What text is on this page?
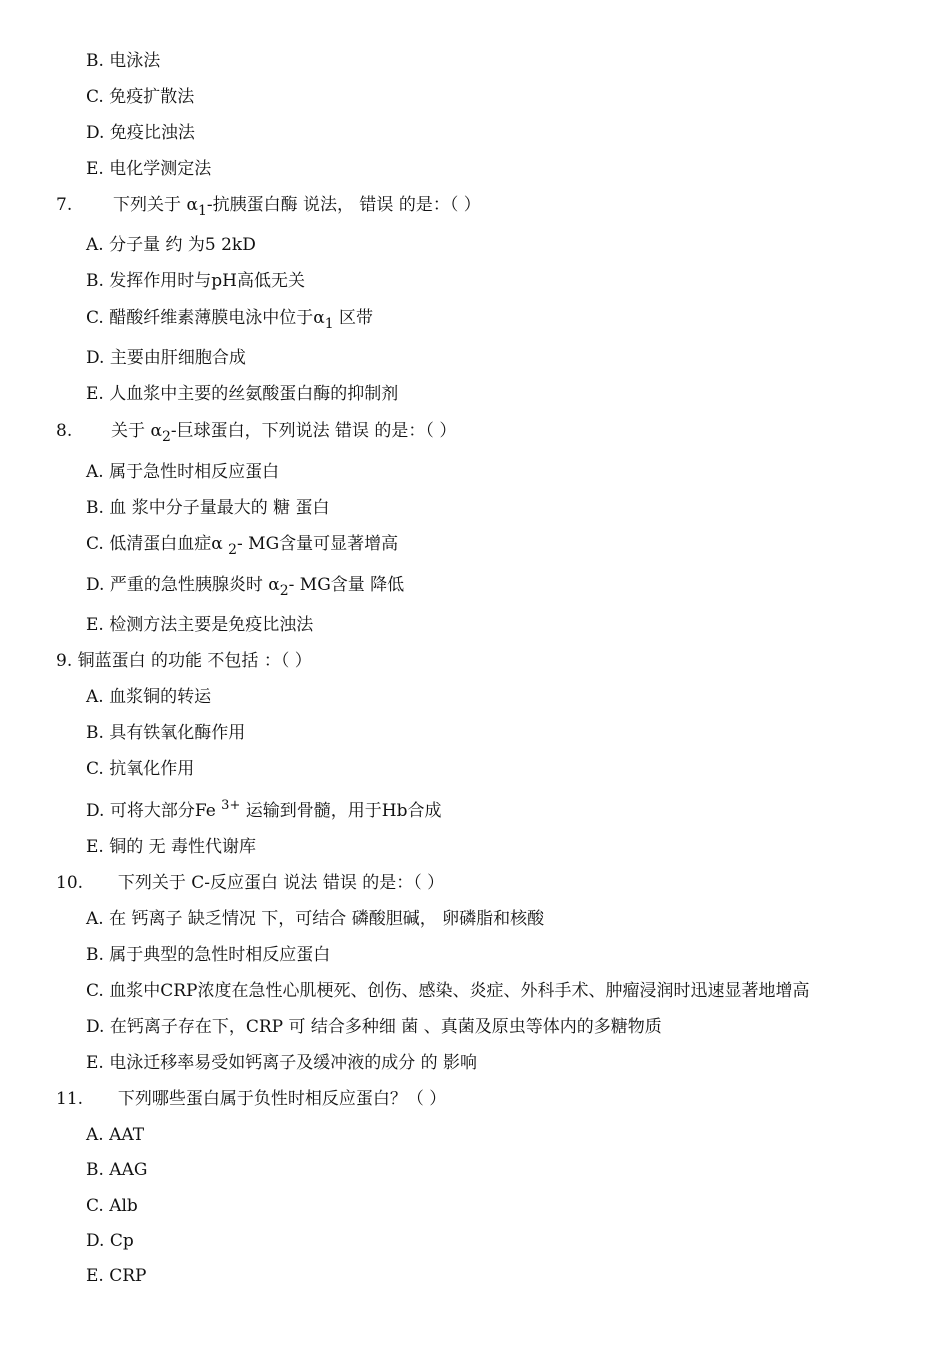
B. 电泳法
C. 免疫扩散法
D. 免疫比浊法
E. 电化学测定法
7. 下列关于 $\alpha_1-$抗胰蛋白酶 说法， 错误 的是：（ ）
A. 分子量 约 为5 2kD
B. 发挥作用时与pH高低无关
C. 醋酸纤维素薄膜电泳中位于$\alpha_1$ 区带
D. 主要由肝细胞合成
E. 人血浆中主要的丝氨酸蛋白酶的抑制剂
8. 关于 $\alpha_2-$巨球蛋白，下列说法 错误 的是：（ ）
A. 属于急性时相反应蛋白
B. 血 浆中分子量最大的 糖 蛋白
C. 低清蛋白血症α $_2$- MG含量可显著增高
D. 严重的急性胰腺炎时 $\alpha_2-$ MG含量 降低
E. 检测方法主要是免疫比浊法
9. 铜蓝蛋白 的功能 不包括 ：（ ）
A. 血浆铜的转运
B. 具有铁氧化酶作用
C. 抗氧化作用
D. 可将大部分Fe $^{3+}$ 运输到骨髓，用于Hb合成
E. 铜的 无 毒性代谢库
10. 下列关于 C-反应蛋白 说法 错误 的是：（ ）
A. 在 钙离子 缺乏情况 下，可结合 磷酸胆碱， 卵磷脂和核酸
B. 属于典型的急性时相反应蛋白
C. 血浆中CRP浓度在急性心肌梗死、创伤、感染、炎症、外科手术、肿瘤浸润时迅速显著地增高
D. 在钙离子存在下，CRP 可 结合多种细 菌 、真菌及原虫等体内的多糖物质
E. 电泳迁移率易受如钙离子及缓冲液的成分 的 影响
11. 下列哪些蛋白属于负性时相反应蛋白？（ ）
A. AAT
B. AAG
C. Alb
D. Cp
E. CRP
